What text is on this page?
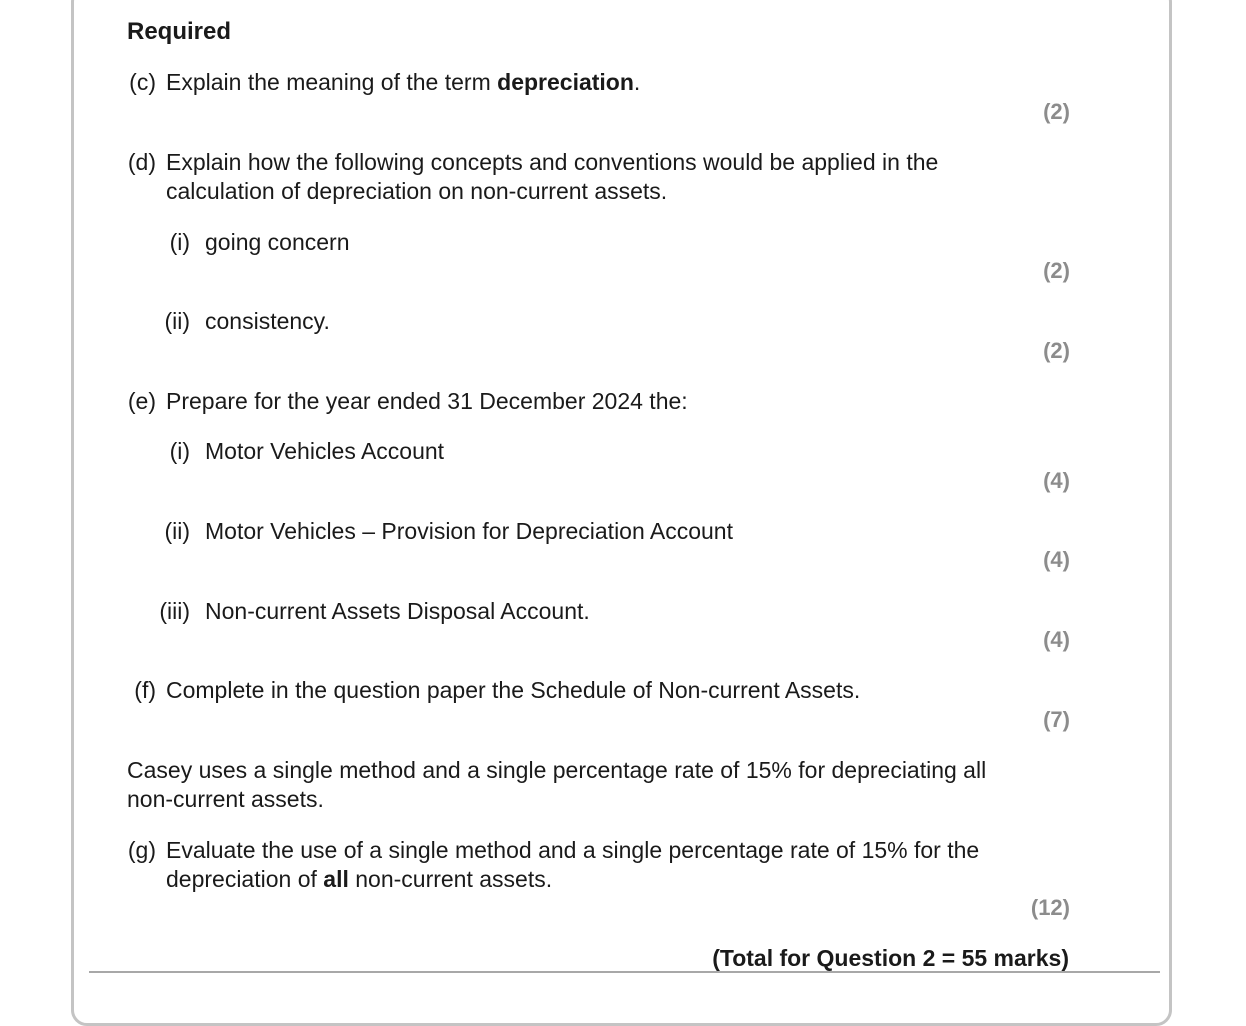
Required
(c) Explain the meaning of the term depreciation.
(2)
(d) Explain how the following concepts and conventions would be applied in the
calculation of depreciation on non-current assets.
(i) going concern
(2)
(ii) consistency.
(2)
(e) Prepare for the year ended 31 December 2024 the:
(i) Motor Vehicles Account
(4)
(ii) Motor Vehicles – Provision for Depreciation Account
(4)
(iii) Non-current Assets Disposal Account.
(4)
(f) Complete in the question paper the Schedule of Non-current Assets.
(7)
Casey uses a single method and a single percentage rate of 15% for depreciating all
non-current assets.
(g) Evaluate the use of a single method and a single percentage rate of 15% for the
depreciation of all non-current assets.
(12)
(Total for Question 2 = 55 marks)
